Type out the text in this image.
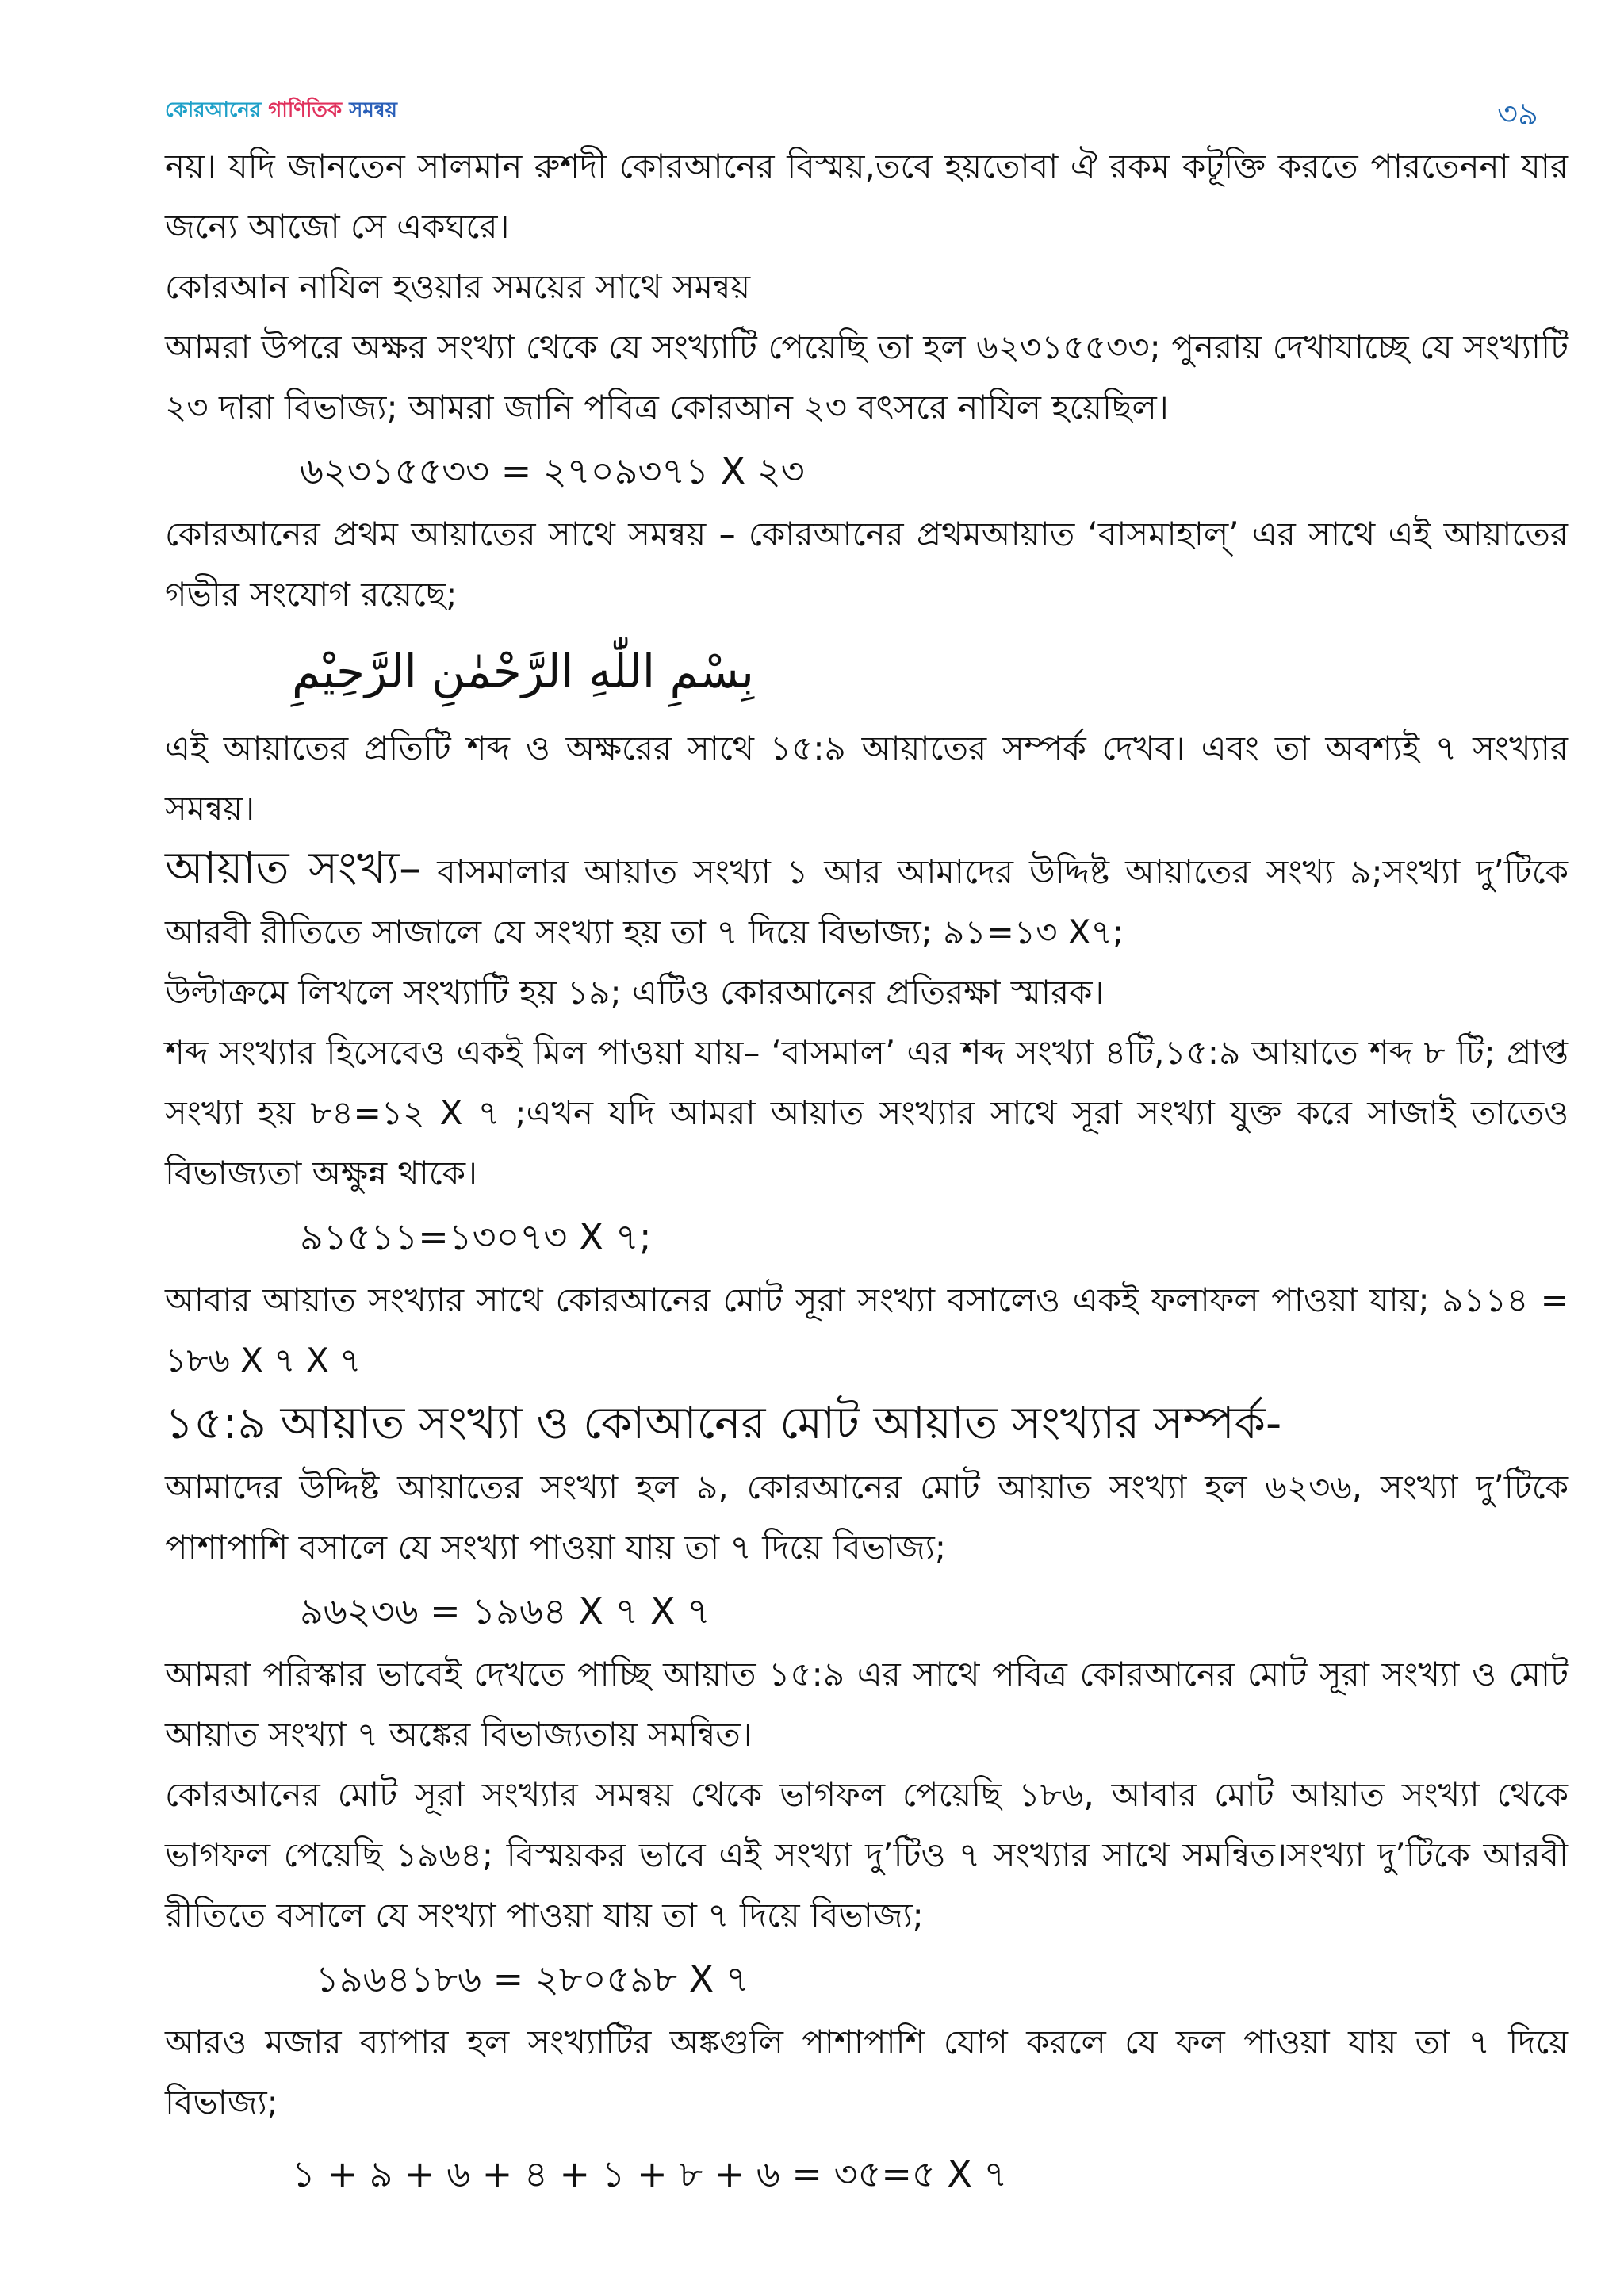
কোরআনের গাণিতিক সমন্বয়	৩৯

নয়। যদি জানতেন সালমান রুশদী কোরআনের বিস্ময়,তবে হয়তোবা ঐ রকম কটূক্তি করতে পারতেননা যার জন্যে আজো সে একঘরে।

কোরআন নাযিল হওয়ার সময়ের সাথে সমন্বয়

আমরা উপরে অক্ষর সংখ্যা থেকে যে সংখ্যাটি পেয়েছি তা হল ৬২৩১৫৫৩৩; পুনরায় দেখাযাচ্ছে যে সংখ্যাটি ২৩ দারা বিভাজ্য; আমরা জানি পবিত্র কোরআন ২৩ বৎসরে নাযিল হয়েছিল।

৬২৩১৫৫৩৩ = ২৭০৯৩৭১ X ২৩

কোরআনের প্রথম আয়াতের সাথে সমন্বয় – কোরআনের প্রথমআয়াত ‘বাসমাহাল্’ এর সাথে এই আয়াতের গভীর সংযোগ রয়েছে;

بِسْمِ اللّٰهِ الرَّحْمٰنِ الرَّحِيْمِ

এই আয়াতের প্রতিটি শব্দ ও অক্ষরের সাথে ১৫:৯ আয়াতের সম্পর্ক দেখব। এবং তা অবশ্যই ৭ সংখ্যার সমন্বয়।

আয়াত সংখ্য– বাসমালার আয়াত সংখ্যা ১ আর আমাদের উদ্দিষ্ট আয়াতের সংখ্য ৯;সংখ্যা দু’টিকে আরবী রীতিতে সাজালে যে সংখ্যা হয় তা ৭ দিয়ে বিভাজ্য; ৯১=১৩ X৭;

উল্টাক্রমে লিখলে সংখ্যাটি হয় ১৯; এটিও কোরআনের প্রতিরক্ষা স্মারক।

শব্দ সংখ্যার হিসেবেও একই মিল পাওয়া যায়– ‘বাসমাল’ এর শব্দ সংখ্যা ৪টি,১৫:৯ আয়াতে শব্দ ৮ টি; প্রাপ্ত সংখ্যা হয় ৮৪=১২ X ৭ ;এখন যদি আমরা আয়াত সংখ্যার সাথে সূরা সংখ্যা যুক্ত করে সাজাই তাতেও বিভাজ্যতা অক্ষুন্ন থাকে।

৯১৫১১=১৩০৭৩ X ৭;

আবার আয়াত সংখ্যার সাথে কোরআনের মোট সূরা সংখ্যা বসালেও একই ফলাফল পাওয়া যায়; ৯১১৪ = ১৮৬ X ৭ X ৭

১৫:৯ আয়াত সংখ্যা ও কোআনের মোট আয়াত সংখ্যার সম্পর্ক-

আমাদের উদ্দিষ্ট আয়াতের সংখ্যা হল ৯, কোরআনের মোট আয়াত সংখ্যা হল ৬২৩৬, সংখ্যা দু’টিকে পাশাপাশি বসালে যে সংখ্যা পাওয়া যায় তা ৭ দিয়ে বিভাজ্য;

৯৬২৩৬ = ১৯৬৪ X ৭ X ৭

আমরা পরিস্কার ভাবেই দেখতে পাচ্ছি আয়াত ১৫:৯ এর সাথে পবিত্র কোরআনের মোট সূরা সংখ্যা ও মোট আয়াত সংখ্যা ৭ অঙ্কের বিভাজ্যতায় সমন্বিত।

কোরআনের মোট সূরা সংখ্যার সমন্বয় থেকে ভাগফল পেয়েছি ১৮৬, আবার মোট আয়াত সংখ্যা থেকে ভাগফল পেয়েছি ১৯৬৪; বিস্ময়কর ভাবে এই সংখ্যা দু’টিও ৭ সংখ্যার সাথে সমন্বিত।সংখ্যা দু’টিকে আরবী রীতিতে বসালে যে সংখ্যা পাওয়া যায় তা ৭ দিয়ে বিভাজ্য;

১৯৬৪১৮৬ = ২৮০৫৯৮ X ৭

আরও মজার ব্যাপার হল সংখ্যাটির অঙ্কগুলি পাশাপাশি যোগ করলে যে ফল পাওয়া যায় তা ৭ দিয়ে বিভাজ্য;

১ + ৯ + ৬ + ৪ + ১ + ৮ + ৬ = ৩৫=৫ X ৭
